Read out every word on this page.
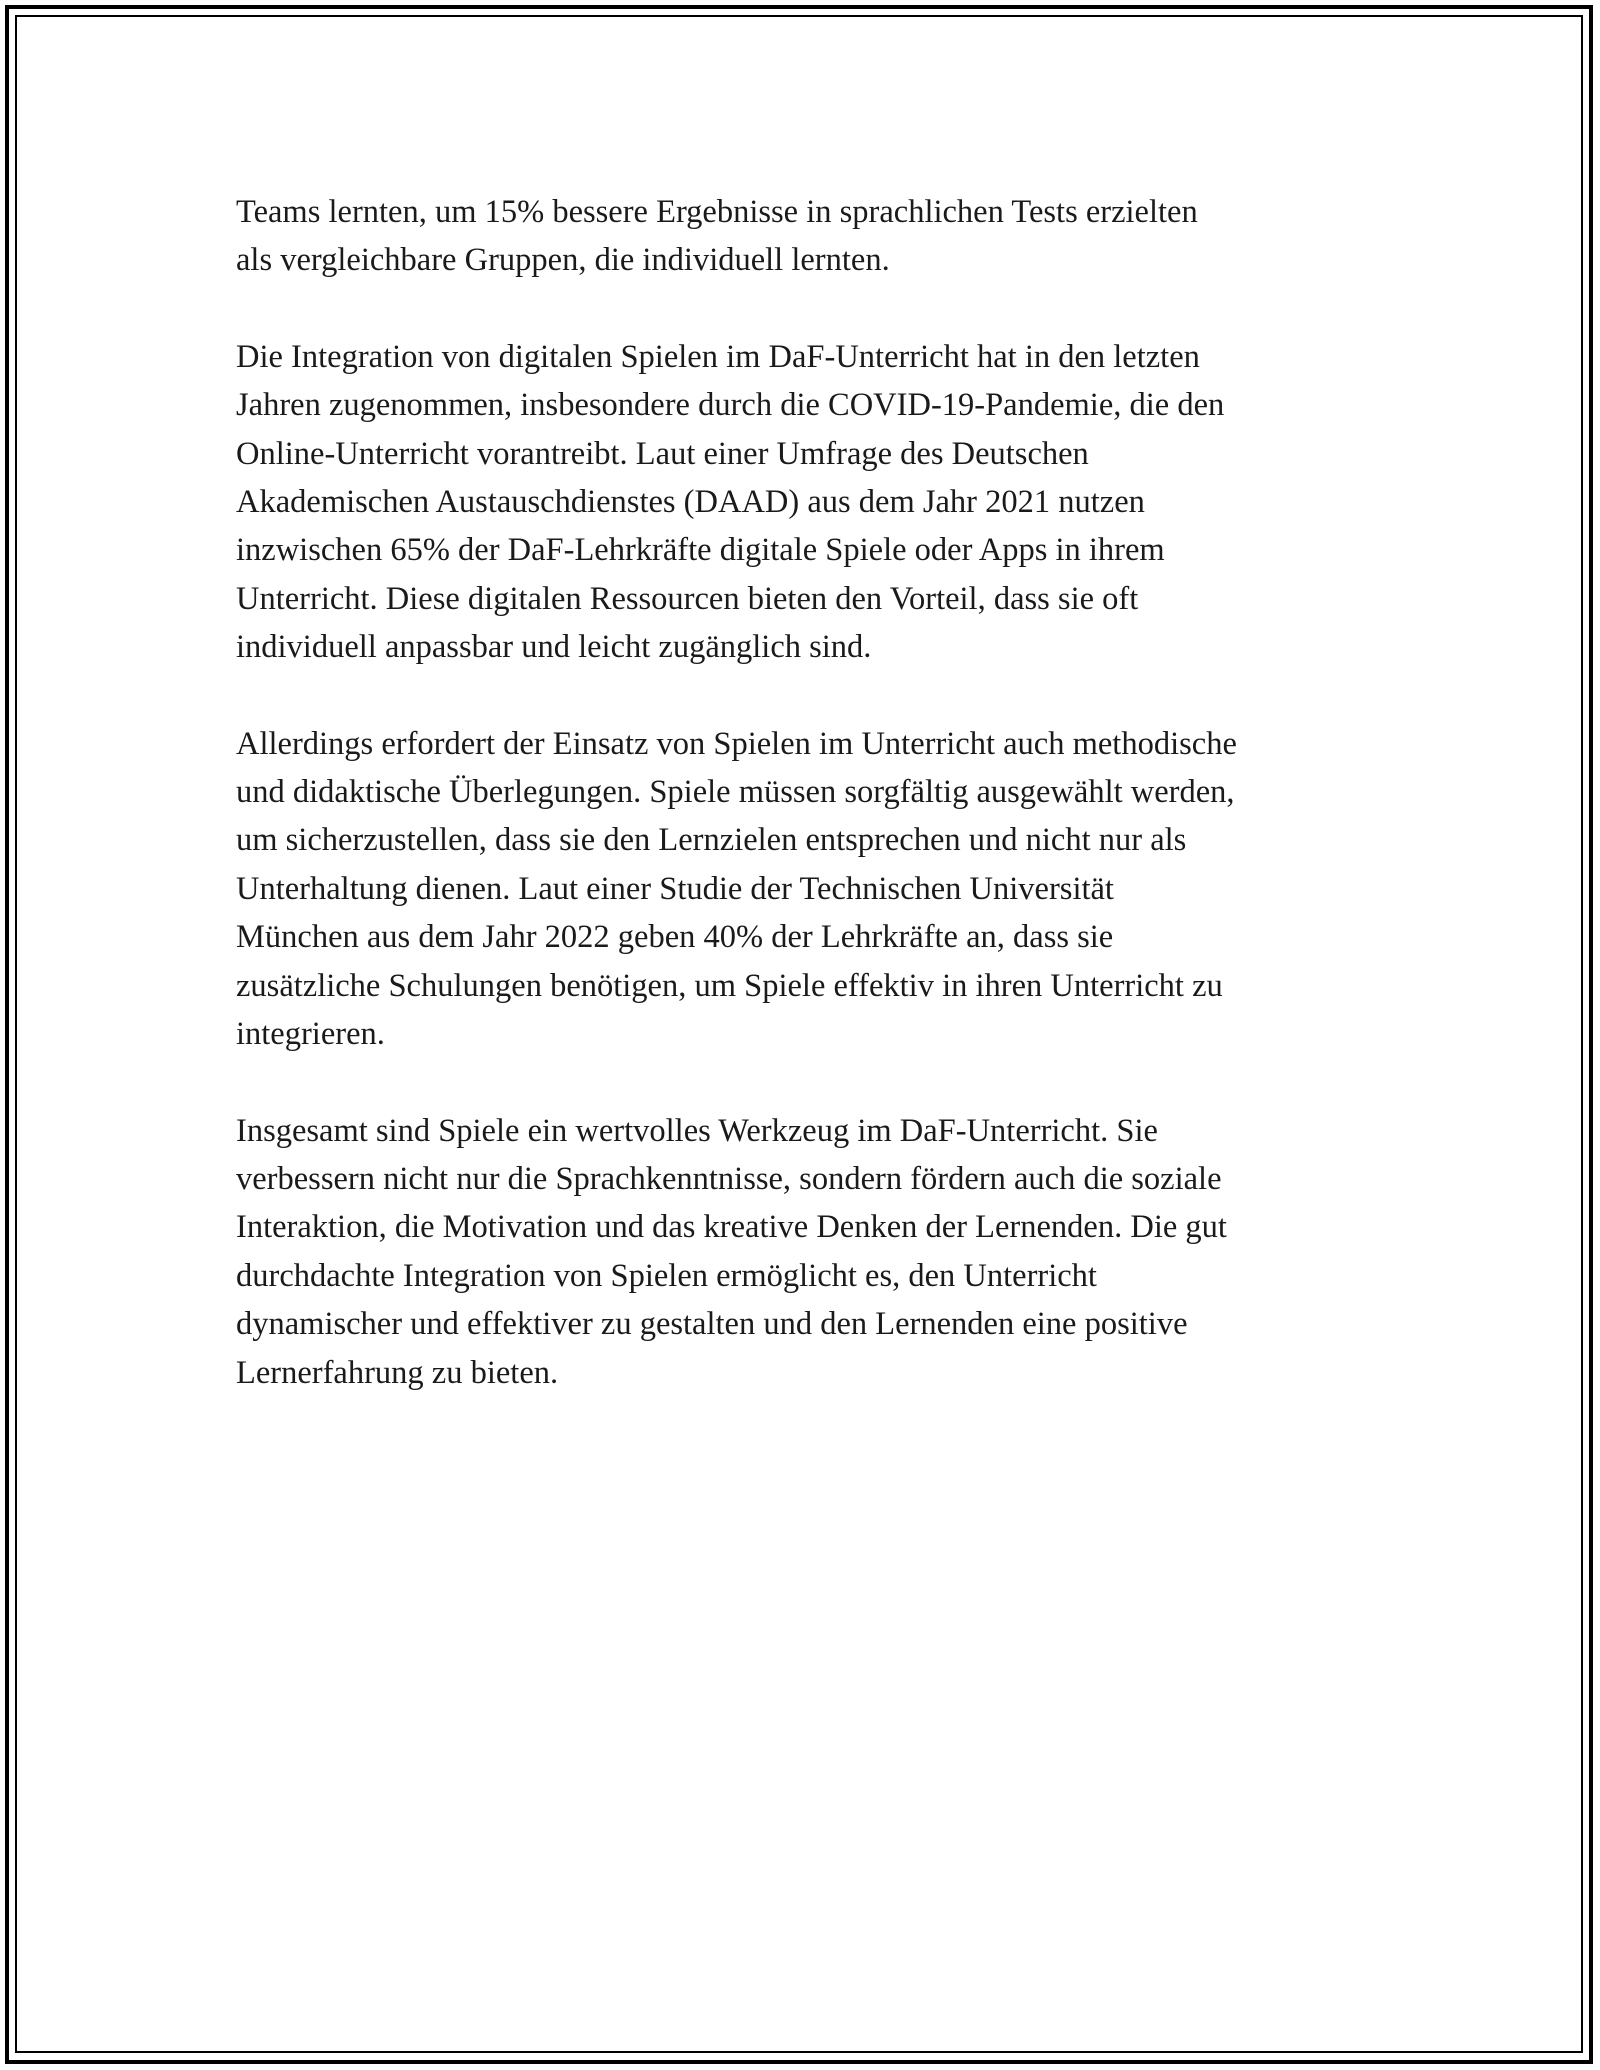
Teams lernten, um 15% bessere Ergebnisse in sprachlichen Tests erzielten
als vergleichbare Gruppen, die individuell lernten.

Die Integration von digitalen Spielen im DaF-Unterricht hat in den letzten
Jahren zugenommen, insbesondere durch die COVID-19-Pandemie, die den
Online-Unterricht vorantreibt. Laut einer Umfrage des Deutschen
Akademischen Austauschdienstes (DAAD) aus dem Jahr 2021 nutzen
inzwischen 65% der DaF-Lehrkräfte digitale Spiele oder Apps in ihrem
Unterricht. Diese digitalen Ressourcen bieten den Vorteil, dass sie oft
individuell anpassbar und leicht zugänglich sind.

Allerdings erfordert der Einsatz von Spielen im Unterricht auch methodische
und didaktische Überlegungen. Spiele müssen sorgfältig ausgewählt werden,
um sicherzustellen, dass sie den Lernzielen entsprechen und nicht nur als
Unterhaltung dienen. Laut einer Studie der Technischen Universität
München aus dem Jahr 2022 geben 40% der Lehrkräfte an, dass sie
zusätzliche Schulungen benötigen, um Spiele effektiv in ihren Unterricht zu
integrieren.

Insgesamt sind Spiele ein wertvolles Werkzeug im DaF-Unterricht. Sie
verbessern nicht nur die Sprachkenntnisse, sondern fördern auch die soziale
Interaktion, die Motivation und das kreative Denken der Lernenden. Die gut
durchdachte Integration von Spielen ermöglicht es, den Unterricht
dynamischer und effektiver zu gestalten und den Lernenden eine positive
Lernerfahrung zu bieten.
